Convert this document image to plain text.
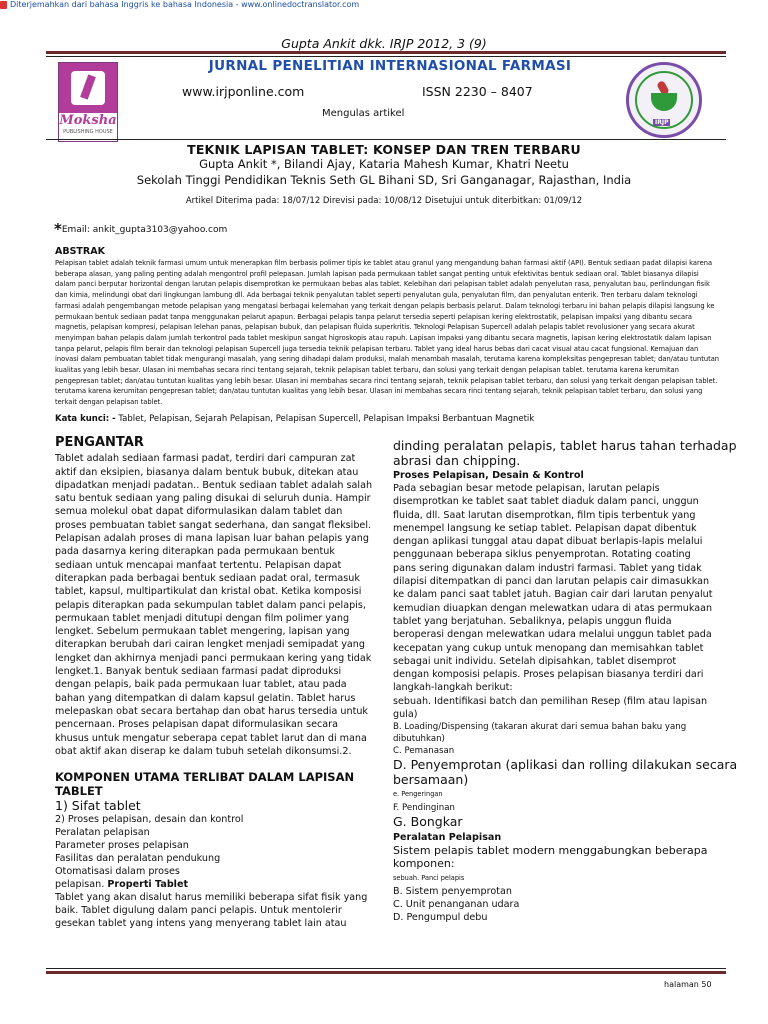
Diterjemahkan dari bahasa Inggris ke bahasa Indonesia - www.onlinedoctranslator.com
Gupta Ankit dkk. IRJP 2012, 3 (9)
Moksha
PUBLISHING HOUSE
JURNAL PENELITIAN INTERNASIONAL FARMASI
www.irjponline.com	ISSN 2230 – 8407
Mengulas artikel
IRJP
TEKNIK LAPISAN TABLET: KONSEP DAN TREN TERBARU
Gupta Ankit *, Bilandi Ajay, Kataria Mahesh Kumar, Khatri Neetu
Sekolah Tinggi Pendidikan Teknis Seth GL Bihani SD, Sri Ganganagar, Rajasthan, India
Artikel Diterima pada: 18/07/12 Direvisi pada: 10/08/12 Disetujui untuk diterbitkan: 01/09/12
*Email: ankit_gupta3103@yahoo.com
ABSTRAK
Pelapisan tablet adalah teknik farmasi umum untuk menerapkan film berbasis polimer tipis ke tablet atau granul yang mengandung bahan farmasi aktif (API). Bentuk sediaan padat dilapisi karena
beberapa alasan, yang paling penting adalah mengontrol profil pelepasan. Jumlah lapisan pada permukaan tablet sangat penting untuk efektivitas bentuk sediaan oral. Tablet biasanya dilapisi
dalam panci berputar horizontal dengan larutan pelapis disemprotkan ke permukaan bebas alas tablet. Kelebihan dari pelapisan tablet adalah penyelutan rasa, penyalutan bau, perlindungan fisik
dan kimia, melindungi obat dari lingkungan lambung dll. Ada berbagai teknik penyalutan tablet seperti penyalutan gula, penyalutan film, dan penyalutan enterik. Tren terbaru dalam teknologi
farmasi adalah pengembangan metode pelapisan yang mengatasi berbagai kelemahan yang terkait dengan pelapis berbasis pelarut. Dalam teknologi terbaru ini bahan pelapis dilapisi langsung ke
permukaan bentuk sediaan padat tanpa menggunakan pelarut apapun. Berbagai pelapis tanpa pelarut tersedia seperti pelapisan kering elektrostatik, pelapisan impaksi yang dibantu secara
magnetis, pelapisan kompresi, pelapisan lelehan panas, pelapisan bubuk, dan pelapisan fluida superkritis. Teknologi Pelapisan Supercell adalah pelapis tablet revolusioner yang secara akurat
menyimpan bahan pelapis dalam jumlah terkontrol pada tablet meskipun sangat higroskopis atau rapuh. Lapisan impaksi yang dibantu secara magnetis, lapisan kering elektrostatik dalam lapisan
tanpa pelarut, pelapis film berair dan teknologi pelapisan Supercell juga tersedia teknik pelapisan terbaru. Tablet yang ideal harus bebas dari cacat visual atau cacat fungsional. Kemajuan dan
inovasi dalam pembuatan tablet tidak mengurangi masalah, yang sering dihadapi dalam produksi, malah menambah masalah, terutama karena kompleksitas pengepresan tablet; dan/atau tuntutan
kualitas yang lebih besar. Ulasan ini membahas secara rinci tentang sejarah, teknik pelapisan tablet terbaru, dan solusi yang terkait dengan pelapisan tablet. terutama karena kerumitan
pengepresan tablet; dan/atau tuntutan kualitas yang lebih besar. Ulasan ini membahas secara rinci tentang sejarah, teknik pelapisan tablet terbaru, dan solusi yang terkait dengan pelapisan tablet.
terutama karena kerumitan pengepresan tablet; dan/atau tuntutan kualitas yang lebih besar. Ulasan ini membahas secara rinci tentang sejarah, teknik pelapisan tablet terbaru, dan solusi yang
terkait dengan pelapisan tablet.
Kata kunci: - Tablet, Pelapisan, Sejarah Pelapisan, Pelapisan Supercell, Pelapisan Impaksi Berbantuan Magnetik
PENGANTAR
Tablet adalah sediaan farmasi padat, terdiri dari campuran zat
aktif dan eksipien, biasanya dalam bentuk bubuk, ditekan atau
dipadatkan menjadi padatan.. Bentuk sediaan tablet adalah salah
satu bentuk sediaan yang paling disukai di seluruh dunia. Hampir
semua molekul obat dapat diformulasikan dalam tablet dan
proses pembuatan tablet sangat sederhana, dan sangat fleksibel.
Pelapisan adalah proses di mana lapisan luar bahan pelapis yang
pada dasarnya kering diterapkan pada permukaan bentuk
sediaan untuk mencapai manfaat tertentu. Pelapisan dapat
diterapkan pada berbagai bentuk sediaan padat oral, termasuk
tablet, kapsul, multipartikulat dan kristal obat. Ketika komposisi
pelapis diterapkan pada sekumpulan tablet dalam panci pelapis,
permukaan tablet menjadi ditutupi dengan film polimer yang
lengket. Sebelum permukaan tablet mengering, lapisan yang
diterapkan berubah dari cairan lengket menjadi semipadat yang
lengket dan akhirnya menjadi panci permukaan kering yang tidak
lengket.1. Banyak bentuk sediaan farmasi padat diproduksi
dengan pelapis, baik pada permukaan luar tablet, atau pada
bahan yang ditempatkan di dalam kapsul gelatin. Tablet harus
melepaskan obat secara bertahap dan obat harus tersedia untuk
pencernaan. Proses pelapisan dapat diformulasikan secara
khusus untuk mengatur seberapa cepat tablet larut dan di mana
obat aktif akan diserap ke dalam tubuh setelah dikonsumsi.2.
KOMPONEN UTAMA TERLIBAT DALAM LAPISAN
TABLET
1) Sifat tablet
2) Proses pelapisan, desain dan kontrol
Peralatan pelapisan
Parameter proses pelapisan
Fasilitas dan peralatan pendukung
Otomatisasi dalam proses
pelapisan. Properti Tablet
Tablet yang akan disalut harus memiliki beberapa sifat fisik yang
baik. Tablet digulung dalam panci pelapis. Untuk mentolerir
gesekan tablet yang intens yang menyerang tablet lain atau
dinding peralatan pelapis, tablet harus tahan terhadap
abrasi dan chipping.
Proses Pelapisan, Desain & Kontrol
Pada sebagian besar metode pelapisan, larutan pelapis
disemprotkan ke tablet saat tablet diaduk dalam panci, unggun
fluida, dll. Saat larutan disemprotkan, film tipis terbentuk yang
menempel langsung ke setiap tablet. Pelapisan dapat dibentuk
dengan aplikasi tunggal atau dapat dibuat berlapis-lapis melalui
penggunaan beberapa siklus penyemprotan. Rotating coating
pans sering digunakan dalam industri farmasi. Tablet yang tidak
dilapisi ditempatkan di panci dan larutan pelapis cair dimasukkan
ke dalam panci saat tablet jatuh. Bagian cair dari larutan penyalut
kemudian diuapkan dengan melewatkan udara di atas permukaan
tablet yang berjatuhan. Sebaliknya, pelapis unggun fluida
beroperasi dengan melewatkan udara melalui unggun tablet pada
kecepatan yang cukup untuk menopang dan memisahkan tablet
sebagai unit individu. Setelah dipisahkan, tablet disemprot
dengan komposisi pelapis. Proses pelapisan biasanya terdiri dari
langkah-langkah berikut:
sebuah. Identifikasi batch dan pemilihan Resep (film atau lapisan
gula)
B. Loading/Dispensing (takaran akurat dari semua bahan baku yang
dibutuhkan)
C. Pemanasan
D. Penyemprotan (aplikasi dan rolling dilakukan secara
bersamaan)
e. Pengeringan
F. Pendinginan
G. Bongkar
Peralatan Pelapisan
Sistem pelapis tablet modern menggabungkan beberapa
komponen:
sebuah. Panci pelapis
B. Sistem penyemprotan
C. Unit penanganan udara
D. Pengumpul debu
halaman 50
